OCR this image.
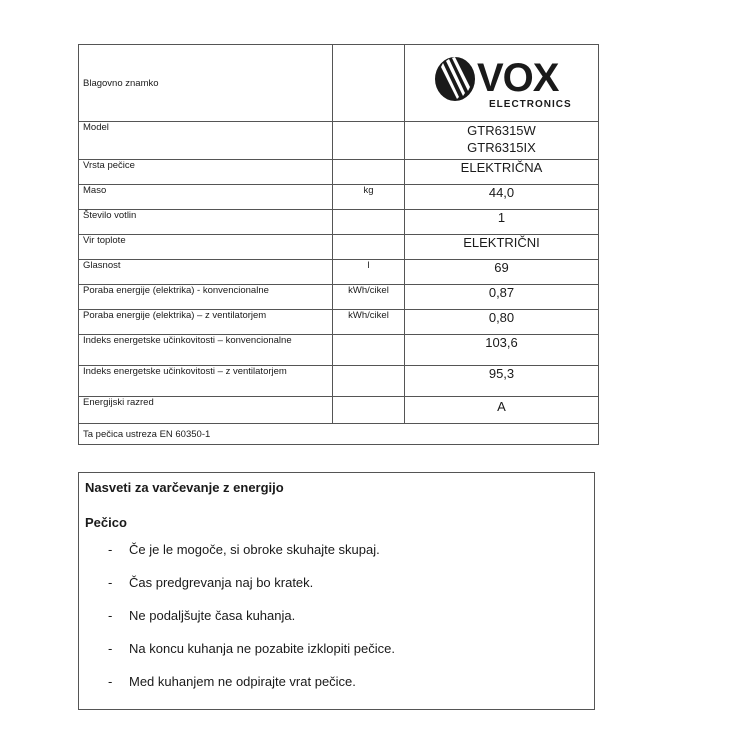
Blagovno znamko		VOX
ELECTRONICS

Model		GTR6315W
GTR6315IX

Vrsta pečice		ELEKTRIČNA
Maso	kg	44,0
Število votlin		1
Vir toplote		ELEKTRIČNI
Glasnost	l	69
Poraba energije (elektrika) - konvencionalne	kWh/cikel	0,87
Poraba energije (elektrika) – z ventilatorjem	kWh/cikel	0,80
Indeks energetske učinkovitosti – konvencionalne		103,6
Indeks energetske učinkovitosti – z ventilatorjem		95,3
Energijski razred		A
Ta pečica ustreza EN 60350-1		

Nasveti za varčevanje z energijo

Pečico

- Če je le mogoče, si obroke skuhajte skupaj.
- Čas predgrevanja naj bo kratek.
- Ne podaljšujte časa kuhanja.
- Na koncu kuhanja ne pozabite izklopiti pečice.
- Med kuhanjem ne odpirajte vrat pečice.
